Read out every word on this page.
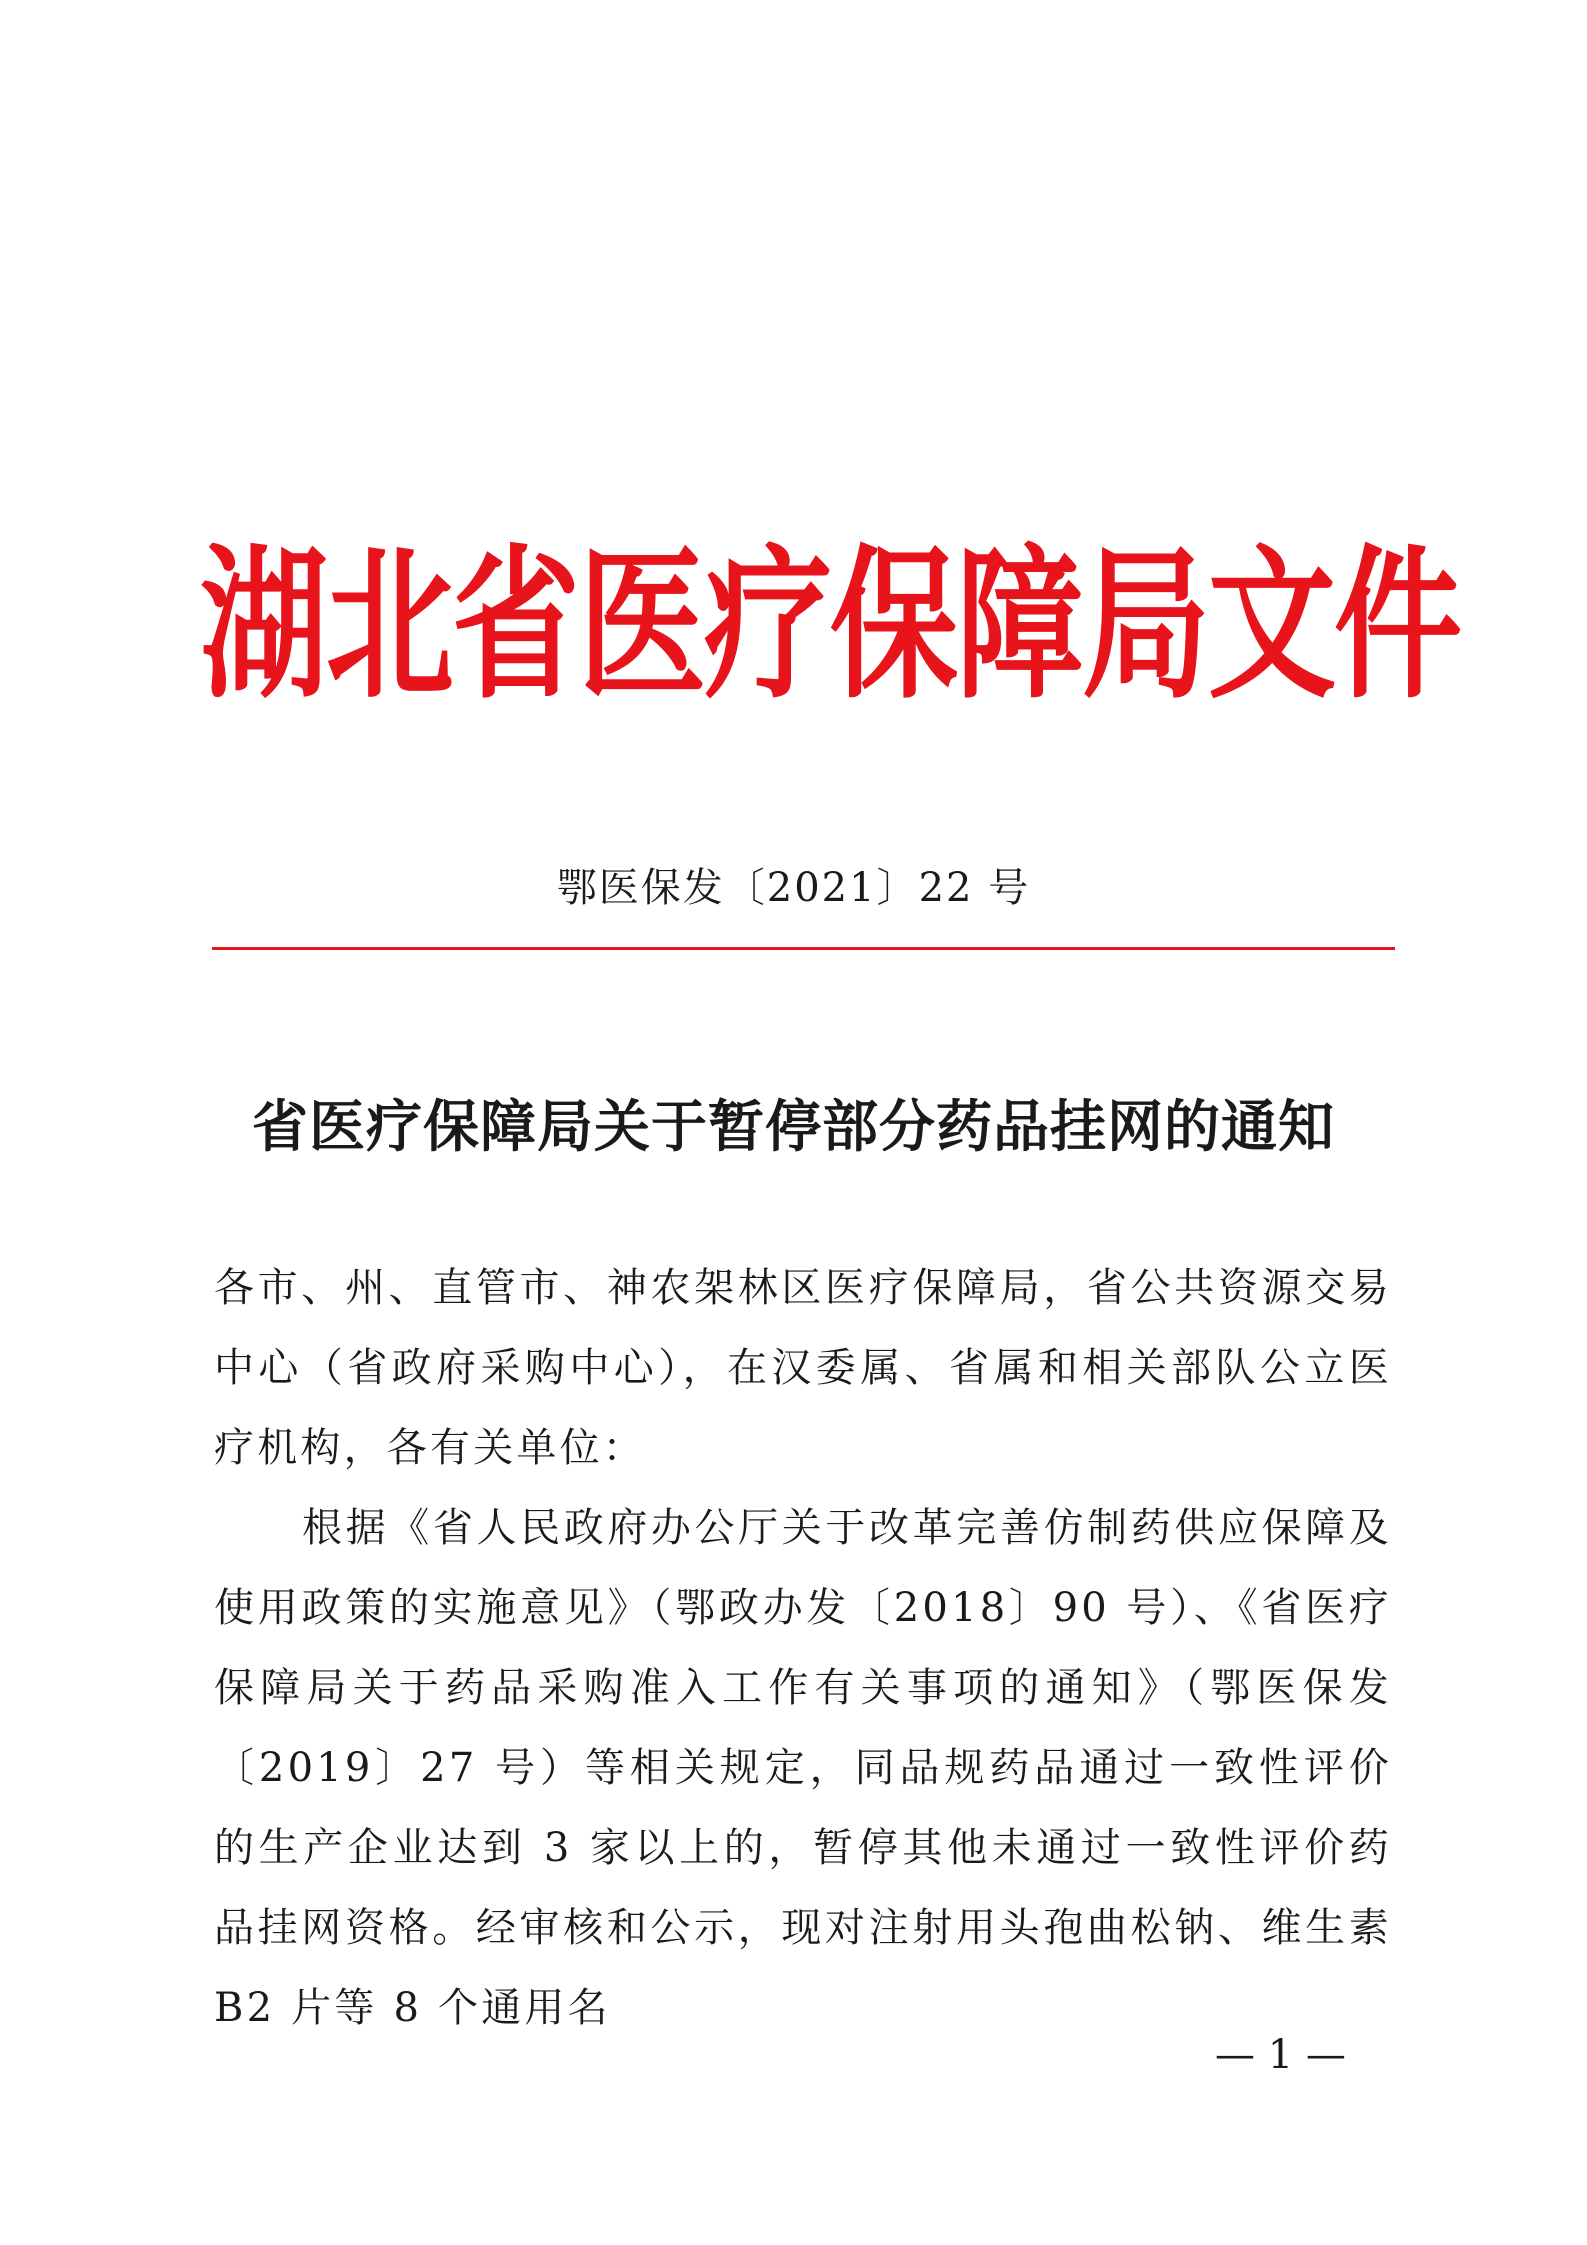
湖北省医疗保障局文件
鄂医保发〔2021〕22 号
省医疗保障局关于暂停部分药品挂网的通知

各市、州、直管市、神农架林区医疗保障局，省公共资源交易中心（省政府采购中心），在汉委属、省属和相关部队公立医疗机构，各有关单位：

根据《省人民政府办公厅关于改革完善仿制药供应保障及使用政策的实施意见》（鄂政办发〔2018〕90 号）、《省医疗保障局关于药品采购准入工作有关事项的通知》（鄂医保发〔2019〕27 号）等相关规定，同品规药品通过一致性评价的生产企业达到 3 家以上的，暂停其他未通过一致性评价药品挂网资格。经审核和公示，现对注射用头孢曲松钠、维生素 B2 片等 8 个通用名

— 1 —
